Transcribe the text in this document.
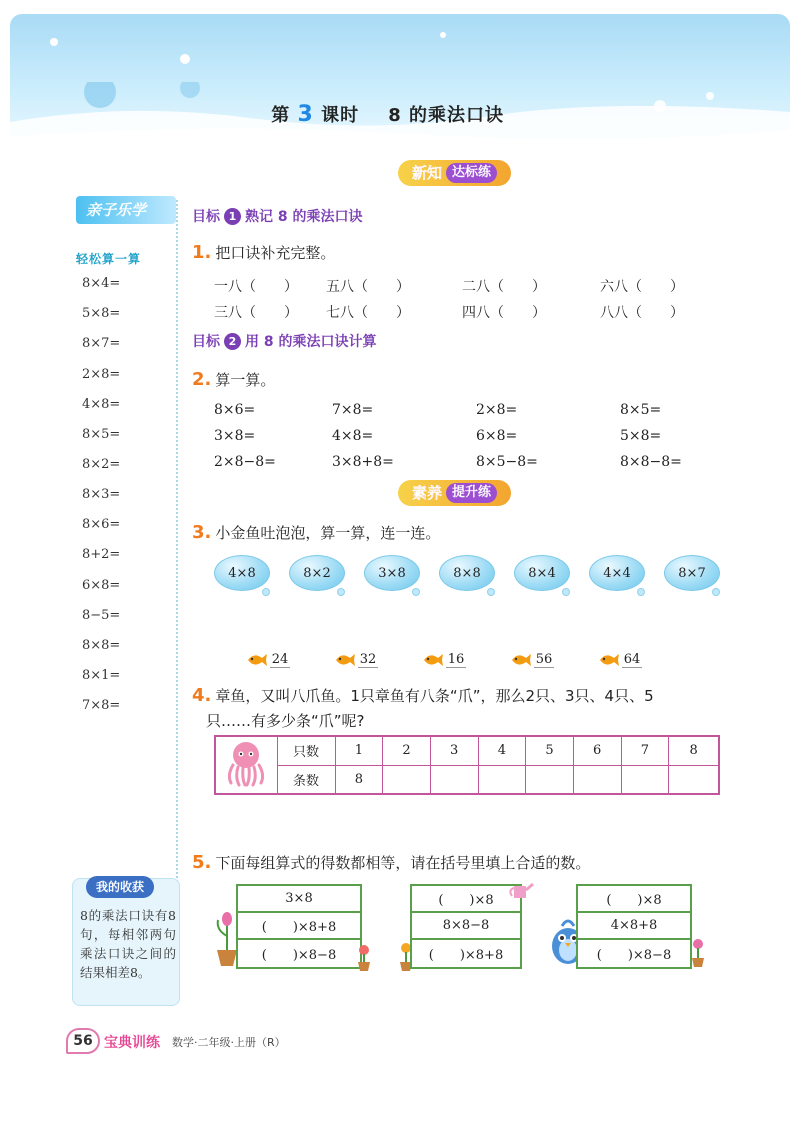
第 3 课时 8 的乘法口诀
亲子乐学
轻松算一算
8×4=
5×8=
8×7=
2×8=
4×8=
8×5=
8×2=
8×3=
8×6=
8+2=
6×8=
8−5=
8×8=
8×1=
7×8=
我的收获
8的乘法口诀有8句，每相邻两句乘法口诀之间的结果相差8。
新知 达标练
目标 1 熟记 8 的乘法口诀
1. 把口诀补充完整。
一八（　　） 五八（　　）	二八（　　）	六八（　　）
三八（　　） 七八（　　）	四八（　　）	八八（　　）
目标 2 用 8 的乘法口诀计算
2. 算一算。
8×6=	7×8=	2×8=	8×5=
3×8=	4×8=	6×8=	5×8=
2×8−8=	3×8+8=	8×5−8=	8×8−8=
素养 提升练
3. 小金鱼吐泡泡，算一算，连一连。
4×8	8×2	3×8	8×8	8×4	4×4	8×7
24	32	16	56	64
4. 章鱼，又叫八爪鱼。1只章鱼有八条“爪”，那么2只、3只、4只、5
只……有多少条“爪”呢?
	只数	1	2	3	4	5	6	7	8
	条数	8							
5. 下面每组算式的得数都相等，请在括号里填上合适的数。
3×8
(　　)×8+8
(　　)×8−8
(　　)×8
8×8−8
(　　)×8+8
(　　)×8
4×8+8
(　　)×8−8
56 宝典训练 数学·二年级·上册（R）
